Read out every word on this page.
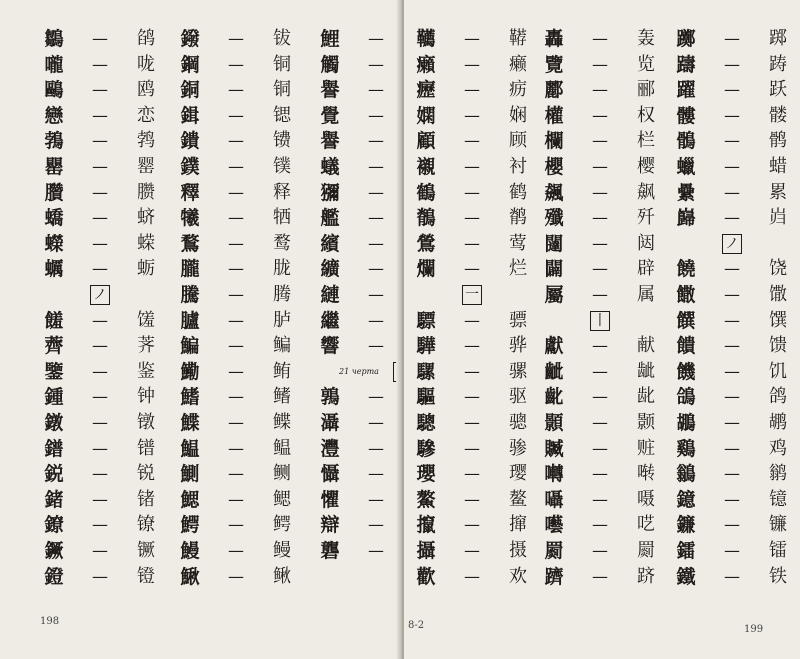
鶵	—	鹐
嚨	—	咙
鷗	—	鸥
戀	—	恋
鵓	—	鹁
罌	—	罂
臢	—	臜
蟜	—	蛴
蠑	—	蝾
蠣	—	蛎
ノ
饈	—	馐
薺	—	荠
鑒	—	鉴
鍾	—	钟
鐓	—	镦
鐠	—	镨
鋭	—	锐
鍺	—	锗
鐐	—	镣
鐝	—	镢
鐙	—	镫
鏺	—	钹
鋼	—	铜
銅	—	铜
鍓	—	锶
鐀	—	镄
鏷	—	镤
釋	—	释
犧	—	牺
鶩	—	鹜
朧	—	胧
騰	—	腾
臚	—	胪
鯿	—	鳊
鰳	—	鲔
鰭	—	鳍
鰈	—	鲽
鰛	—	鳁
鰂	—	鲗
鰓	—	鳃
鰐	—	鳄
鰻	—	鳗
鰍	—	鳅
鯉	—
觸	—
譽	—
覺	—
譽	—
蟻	—
獼	—
艦	—
繽	—
纊	—
縺	—
繼	—
響	—
21 черта
鶉	—
灄	—
灃	—
懾	—
懼	—
辯	—
礱	—
198
韉	—	鞯
癩	—	癞
癧	—	疬
嫻	—	娴
顧	—	顾
襯	—	衬
鶴	—	鹤
鶺	—	鹡
鶯	—	莺
爛	—	烂
一
驃	—	骠
驊	—	骅
騾	—	骡
驅	—	驱
驄	—	骢
驂	—	骖
瓔	—	璎
鰲	—	鳌
攛	—	撺
攝	—	摄
歡	—	欢
轟	—	轰
覽	—	览
酈	—	郦
權	—	权
欄	—	栏
櫻	—	樱
飆	—	飙
殲	—	歼
闥	—	闼
闢	—	辟
屬	—	属
丨
獻	—	献
齜	—	龇
齔	—	龀
顥	—	颢
贓	—	赃
囀	—	啭
囁	—	嗫
囈	—	呓
罽	—	罽
躋	—	跻
躑	—	踯
躊	—	踌
躍	—	跃
髏	—	髅
鶻	—	鹘
蠟	—	蜡
纍	—	累
巋	—	岿
ノ
饒	—	饶
饊	—	馓
饌	—	馔
饋	—	馈
饑	—	饥
鴿	—	鸽
鶘	—	鹕
鷄	—	鸡
鶲	—	鹟
鐿	—	镱
鐮	—	镰
鐳	—	镭
鐵	—	铁
8-2	199
